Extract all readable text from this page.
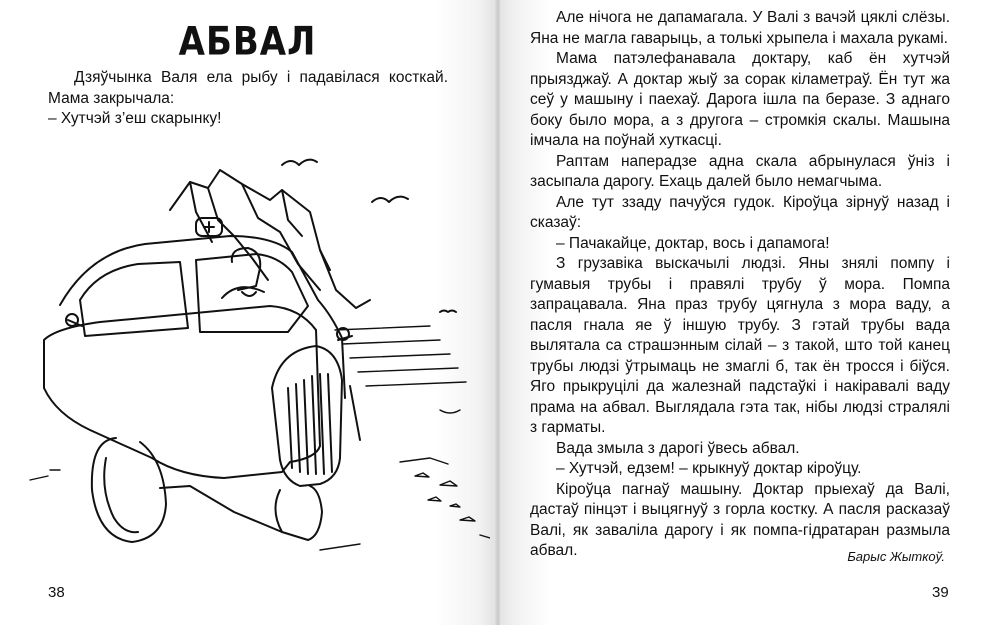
АБВАЛ

Дзяўчынка Валя ела рыбу і падавілася косткай.

Мама закрычала:

– Хутчэй з’еш скарынку!

38

Але нічога не дапамагала. У Валі з вачэй цяклі слёзы. Яна не магла гаварыць, а толькі хрыпела і махала рукамі.

Мама патэлефанавала доктару, каб ён хутчэй прыязджаў. А доктар жыў за сорак кіламетраў. Ён тут жа сеў у машыну і паехаў. Дарога ішла па беразе. З аднаго боку было мора, а з другога – стромкія скалы. Машына імчала на поўнай хуткасці.

Раптам наперадзе адна скала абрынулася ўніз і засыпала дарогу. Ехаць далей было немагчыма.

Але тут ззаду пачуўся гудок. Кіроўца зірнуў назад і сказаў:

– Пачакайце, доктар, вось і дапамога!

З грузавіка выскачылі людзі. Яны знялі помпу і гумавыя трубы і правялі трубу ў мора. Помпа запрацавала. Яна праз трубу цягнула з мора ваду, а пасля гнала яе ў іншую трубу. З гэтай трубы вада вылятала са страшэнным сілай – з такой, што той канец трубы людзі ўтрымаць не змаглі б, так ён тросся і біўся. Яго прыкруцілі да жалезнай падстаўкі і накіравалі ваду прама на абвал. Выглядала гэта так, нібы людзі стралялі з гарматы.

Вада змыла з дарогі ўвесь абвал.

– Хутчэй, едзем! – крыкнуў доктар кіроўцу.

Кіроўца пагнаў машыну. Доктар прыехаў да Валі, дастаў пінцэт і выцягнуў з горла костку. А пасля расказаў Валі, як заваліла дарогу і як помпа-гідратаран размыла абвал.	Барыс Жыткоў.
39
